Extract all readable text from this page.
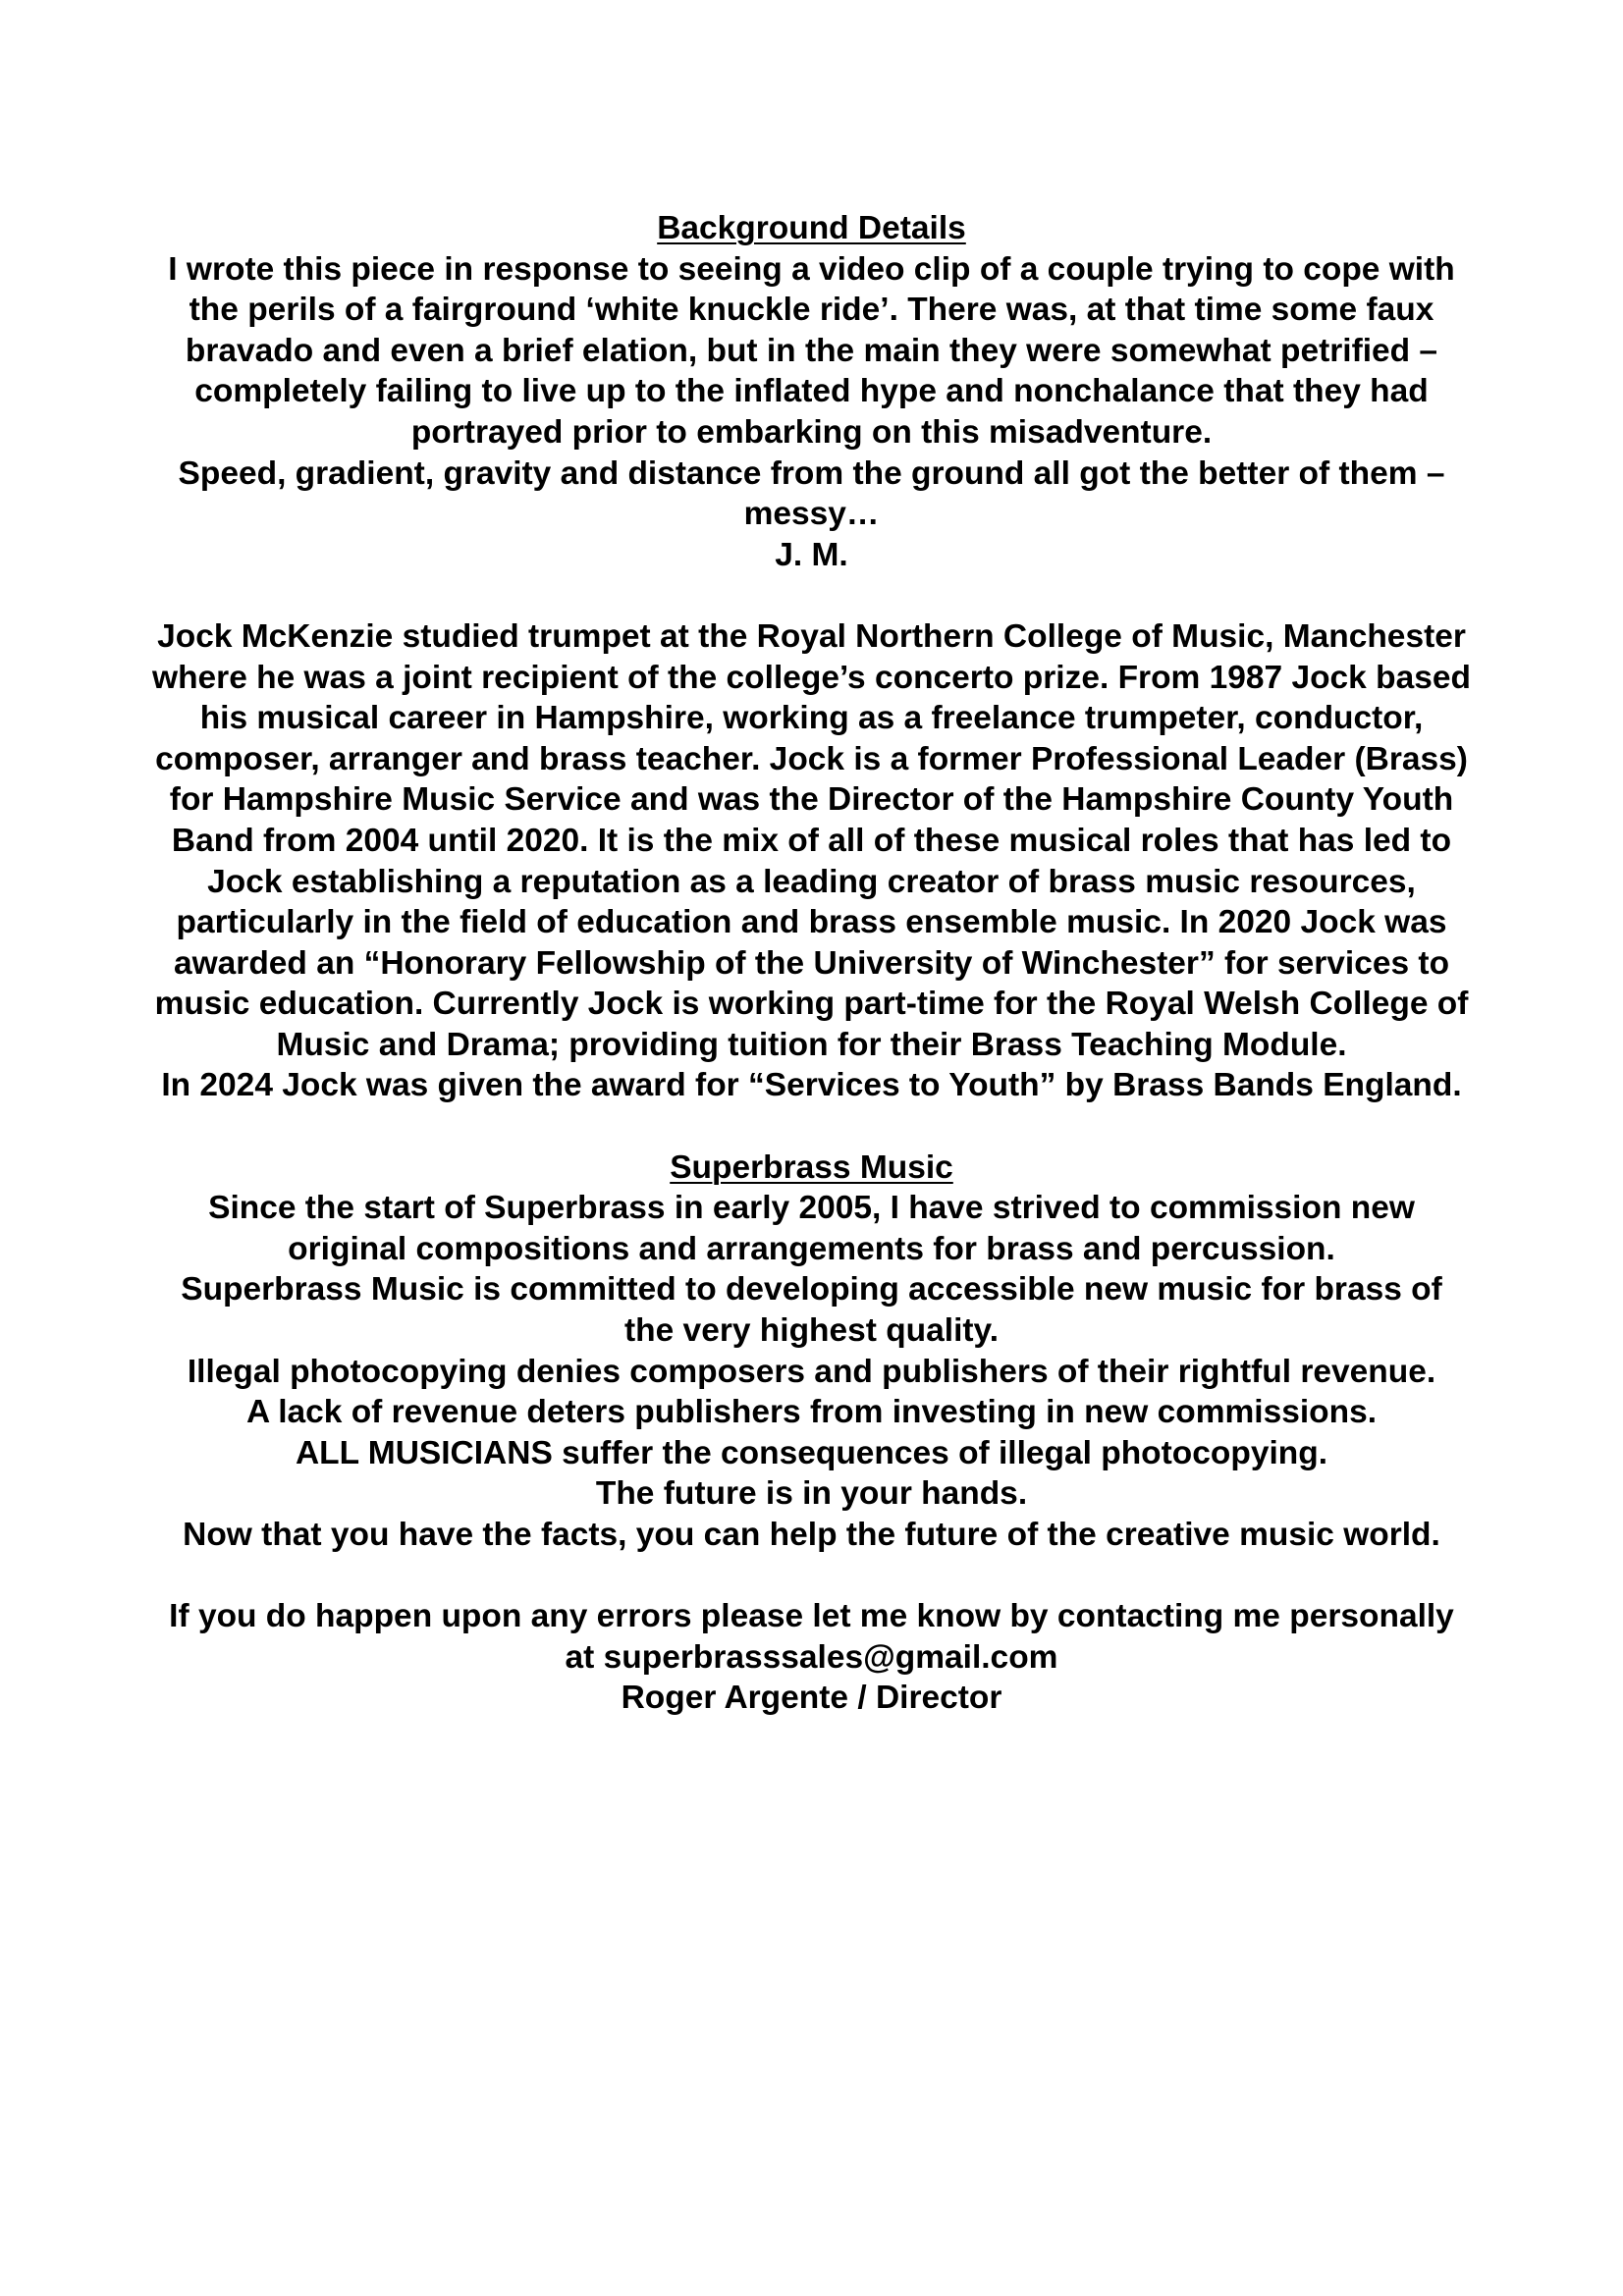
Background Details

I wrote this piece in response to seeing a video clip of a couple trying to cope with the perils of a fairground ‘white knuckle ride’. There was, at that time some faux bravado and even a brief elation, but in the main they were somewhat petrified – completely failing to live up to the inflated hype and nonchalance that they had portrayed prior to embarking on this misadventure.

Speed, gradient, gravity and distance from the ground all got the better of them – messy…

J. M.

Jock McKenzie studied trumpet at the Royal Northern College of Music, Manchester where he was a joint recipient of the college’s concerto prize. From 1987 Jock based his musical career in Hampshire, working as a freelance trumpeter, conductor, composer, arranger and brass teacher. Jock is a former Professional Leader (Brass) for Hampshire Music Service and was the Director of the Hampshire County Youth Band from 2004 until 2020. It is the mix of all of these musical roles that has led to Jock establishing a reputation as a leading creator of brass music resources, particularly in the field of education and brass ensemble music. In 2020 Jock was awarded an “Honorary Fellowship of the University of Winchester” for services to music education. Currently Jock is working part-time for the Royal Welsh College of Music and Drama; providing tuition for their Brass Teaching Module.

In 2024 Jock was given the award for “Services to Youth” by Brass Bands England.

Superbrass Music

Since the start of Superbrass in early 2005, I have strived to commission new original compositions and arrangements for brass and percussion.

Superbrass Music is committed to developing accessible new music for brass of the very highest quality.

Illegal photocopying denies composers and publishers of their rightful revenue.

A lack of revenue deters publishers from investing in new commissions.

ALL MUSICIANS suffer the consequences of illegal photocopying.

The future is in your hands.

Now that you have the facts, you can help the future of the creative music world.

If you do happen upon any errors please let me know by contacting me personally at superbrasssales@gmail.com

Roger Argente / Director
